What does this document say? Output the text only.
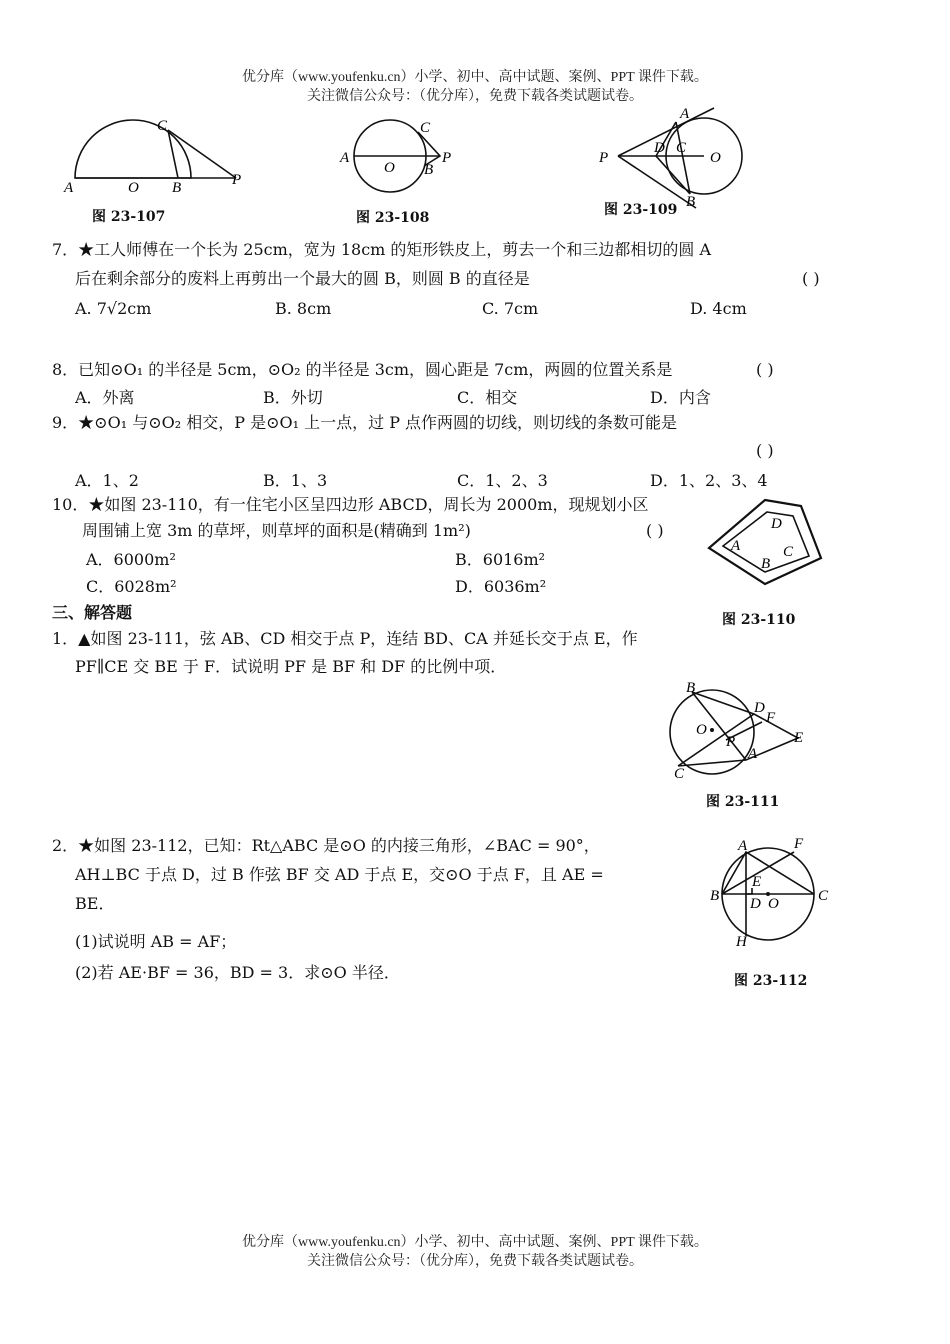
优分库（www.youfenku.cn）小学、初中、高中试题、案例、PPT 课件下载。
关注微信公众号：（优分库），免费下载各类试题试卷。
C
A	O B	P
图 23-107
C
A
O
P
B
图 23-108
A
P
D C
O
B
图 23-109
7．★工人师傅在一个长为 25cm，宽为 18cm 的矩形铁皮上，剪去一个和三边都相切的圆 A
后在剩余部分的废料上再剪出一个最大的圆 B，则圆 B 的直径是	( )
A. 7√2cm	B. 8cm	C. 7cm	D. 4cm
8．已知⊙O₁ 的半径是 5cm，⊙O₂ 的半径是 3cm，圆心距是 7cm，两圆的位置关系是	( )
A．外离	B．外切	C．相交	D．内含
9．★⊙O₁ 与⊙O₂ 相交，P 是⊙O₁ 上一点，过 P 点作两圆的切线，则切线的条数可能是
( )
A．1、2	B．1、3	C．1、2、3	D．1、2、3、4
10．★如图 23-110，有一住宅小区呈四边形 ABCD，周长为 2000m，现规划小区
周围铺上宽 3m 的草坪，则草坪的面积是(精确到 1m²)	( )
A．6000m²	B．6016m²
C．6028m²	D．6036m²
D
A	C
B
图 23-110
三、解答题
1．▲如图 23-111，弦 AB、CD 相交于点 P，连结 BD、CA 并延长交于点 E，作
PF∥CE 交 BE 于 F．试说明 PF 是 BF 和 DF 的比例中项．
B
D
F
O
P	E
C
A
图 23-111
2．★如图 23-112，已知：Rt△ABC 是⊙O 的内接三角形，∠BAC = 90°，
AH⊥BC 于点 D，过 B 作弦 BF 交 AD 于点 E，交⊙O 于点 F，且 AE =
BE．
(1)试说明 AB = AF；
(2)若 AE·BF = 36，BD = 3．求⊙O 半径．
A	F
E
B D O	C
H
图 23-112
优分库（www.youfenku.cn）小学、初中、高中试题、案例、PPT 课件下载。
关注微信公众号：（优分库），免费下载各类试题试卷。
